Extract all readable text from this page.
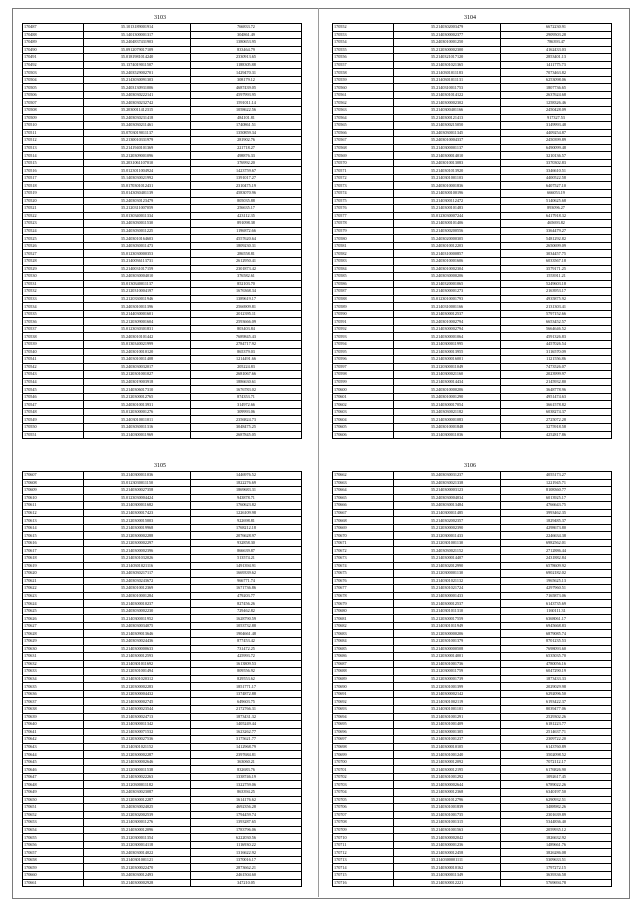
3103
170487	35.1013189001914	766833.72
170488	35.1401300001317	304861.49
170489	35.2404837431903	1380653.95
170490	35.0912079017109	833464.79
170491	35.0181981014240	2330913.65
170492	35.1374019011507	1188305.88
170503	35.2403529002701	1429470.31
170504	35.2143030091303	308179.12
170505	35.2403130931006	4687439.05
170506	35.2403030222141	4597993.95
170507	35.2403030232742	1591011.14
170508	35.2030011412315	1058622.56
170509	35.2403030231418	484101.81
170510	35.2403030211461	1740861.51
170511	35.0703019011137	1350859.34
170512	35.2130010331979	281902.76
170513	35.2141940101369	221718.27
170514	35.2120309001096	498876.33
170515	35.2031061107010	376992.20
170516	35.0123011004924	1423759.67
170517	35.1403030021992	1391017.27
170518	35.0170301012431	2310475.19
170519	35.0143030401139	4583070.96
170520	35.2403030123479	805035.88
170521	35.2120311007059	256635.17
170522	35.0130340011334	423112.35
170523	35.2403030011530	891098.38
170524	35.2403030011225	1196872.66
170525	35.2403010164603	4557620.64
170526	35.2403030011473	1809230.31
170527	35.0123030000353	286558.81
170528	35.2140036113731	2612950.41
170529	35.2140031017159	2301873.42
170530	35.2403030004010	376582.61
170531	35.0130340011137	852103.70
170532	35.2120310004197	1676368.34
170533	35.2120330011946	1389619.17
170534	35.2403010011396	2566909.81
170535	35.2144030001601	2012395.11
170536	35.2120309001604	2593666.09
170537	35.0123030301831	803403.84
170538	35.2403010101442	7689845.43
170539	35.0130340021999	2784717.92
170540	35.2403010010120	865379.03
170541	35.2403010011408	1214491.66
170542	35.2403030032017	205224.83
170543	35.2120301001027	2681067.66
170544	35.2403019003918	1886630.61
170545	35.2140306017310	1676783.02
170546	35.2120300012765	874353.71
170547	35.2403010013931	314972.66
170548	35.0120300001276	309993.06
170549	35.2403010011011	2356824.73
170550	35.2403030011316	3048475.25
170551	35.2140300011969	2687845.05
3104
170552	35.2140302003479	6672230.91
170553	35.2140300002377	2909503.28
170554	35.2403010001250	786393.47
170555	35.2120300002300	4162433.03
170556	35.2140321017120	2853401.13
170557	35.2140301021365	1411775.73
170558	35.2140301011183	7073463.82
170559	35.2140301011131	6253098.06
170560	35.2140310011753	1807736.65
170561	35.2140301014122	2637624.68
170562	35.2140300002302	1258326.46
170563	35.2140300401166	2450428.09
170564	35.2140300121413	917327.53
170565	35.2140300215050	3149993.48
170566	35.2403030011345	4409254.87
170567	35.2403010004337	2450399.89
170568	35.2140300001137	6490099.48
170569	35.2140300014010	3210136.57
170570	35.2403010013083	3370302.83
170571	35.2140301013920	3346610.51
170572	35.2140301001103	4400522.58
170573	35.2403010001836	6407527.10
170574	35.2140300100196	666053.19
170575	35.2140300112472	5140625.68
170576	35.2140300101483	893096.27
170577	35.0123030007244	6417918.32
170578	35.2140300101406	465693.82
170579	35.2140300200556	3364479.27
170580	35.2403020000305	5481292.82
170581	35.2403010012203	2650699.09
170582	35.2140310000857	3034457.75
170583	35.2403010001606	6033567.18
170584	35.2403010002304	3579171.25
170585	35.2403030000206	1553911.21
170586	35.2140320001065	5249603.18
170587	35.2140300001273	2163953.17
170588	35.0123010001793	4935875.92
170589	35.2140310001166	2131303.41
170590	35.2140300012537	5797152.66
170591	35.2403010002794	6653452.57
170592	35.2140300002794	5664646.52
170593	35.2140300001064	4591326.83
170594	35.2140300011995	4457026.54
170595	35.2140300013955	3116570.09
170596	35.2140300016001	1121556.86
170597	35.2120300011049	7473526.07
170598	35.2140300021160	2023999.97
170599	35.2140300014434	2145932.80
170600	35.2403010000206	3648778.96
170601	35.2403010001290	4951474.63
170602	35.2140300017054	3661578.82
170603	35.2403030021182	6038274.37
170604	35.2140300001083	2725072.28
170605	35.2403010001848	3275918.58
170606	35.2140300011036	4252817.86
3105
170607	35.2140300011036	1446976.52
170608	35.0123030011150	1822276.69
170609	35.2140300027358	1869683.31
170610	35.0123030004424	943878.71
170611	35.2140300011682	1760623.82
170612	35.2140300017423	1226109.98
170613	35.2120300015003	922698.81
170614	35.2140300019968	1768212.18
170615	35.2120300002288	2076628.97
170616	35.2120300002297	932858.30
170617	35.2140300002396	866639.87
170618	35.2140301032026	513574.21
170619	35.2140301021116	1491394.91
170620	35.2403030217117	1669339.62
170621	35.2403030243672	966771.74
170622	35.2403010012369	1671736.86
170623	35.2403010001284	479203.77
170624	35.2140300010237	827456.26
170625	35.2403030002230	729462.82
170626	35.2140300011952	1628790.59
170627	35.2403030034075	1053732.88
170628	35.2140309013646	1904661.48
170629	35.2403030024436	877453.42
170630	35.2140300000633	731472.25
170631	35.2140300012593	425993.72
170632	35.2140301011692	1613809.53
170633	35.2120301001494	809556.92
170634	35.2140301020312	829553.62
170635	35.2120300002283	1851771.17
170636	35.2120300004432	1374872.88
170637	35.2140300002745	649603.75
170638	35.2140300023544	2172766.31
170639	35.2140300024713	1873431.32
170640	35.2140300011342	1405249.44
170641	35.2140300071532	1623262.77
170642	35.2120300027536	3175621.77
170643	35.2140301021152	1412968.79
170644	35.2120300002287	2397684.81
170645	35.2140300002646	363060.21
170646	35.2120300011538	832683.76
170647	35.2140300022263	1338746.19
170648	35.2120300011182	1322759.06
170649	35.2403030023087	863394.25
170650	35.2120300012287	1614176.62
170651	35.2403030024025	4692356.28
170652	35.2120302002539	1794459.74
170653	35.2140300011276	1393287.65
170654	35.2140300012096	1783796.06
170655	35.2120300011354	6222030.56
170656	35.2120300014118	1116930.22
170657	35.2403030014022	1316622.92
170658	35.2140301001121	1370016.17
170659	35.2120300022470	2873662.21
170660	35.2403030012493	2461504.60
170661	35.2140300002928	347210.05
3106
170662	35.2403030031237	4055173.27
170663	35.2403030021338	1221945.71
170664	35.2140300003123	8108360.77
170665	35.2403030004034	6013925.17
170666	35.2403030013484	4766643.75
170667	35.2140300011485	3993462.35
170668	35.2140302002357	1829485.37
170669	35.2120300002390	4298673.80
170670	35.2120300011433	2246634.38
170671	35.2120301001130	6982562.01
170672	35.2403030021152	2712886.44
170673	35.2140300014407	2431882.84
170674	35.2140302012990	6578609.92
170675	35.2120300001130	6902182.02
170676	35.2140301021132	1965625.13
170677	35.2140301021724	4297960.51
170678	35.2140300001433	7165873.06
170679	35.2140300012537	6143735.69
170680	35.2140301011310	1160111.31
170681	35.2120300017559	6368061.17
170682	35.2140301011949	6945668.83
170683	35.2120300000206	6879085.74
170684	35.2120301001379	8701235.53
170685	35.2140300000508	7698093.60
170686	35.2120300014001	6535035.70
170687	35.2140301001736	4780056.16
170688	35.2120300011759	6047290.19
170689	35.2120300001739	1873433.33
170690	35.2120301001399	2029029.98
170691	35.2140300002142	6292096.50
170692	35.2140301002119	6193422.37
170693	35.2140301001101	8039477.06
170694	35.2140301001291	2529302.26
170695	35.2140301001409	6181223.77
170696	35.2140300001305	2514637.71
170697	35.2140301001237	2309722.20
170698	35.2140300010105	6143760.89
170699	35.2140301001240	3502098.52
170700	35.2140300012092	7072112.17
170701	35.2140300012195	6176826.90
170702	35.2140301001292	1092617.45
170703	35.2140300002644	6789022.26
170704	35.2140300012368	6340197.50
170705	35.2140301012796	6290932.51
170706	35.2140301001839	3488982.26
170707	35.2140301001735	2301639.89
170708	35.2140301001315	5344836.40
170709	35.2140301001563	2059935.12
170710	35.2140300002042	1826632.92
170711	35.2140300001236	1489661.76
170712	35.2140300012458	3826286.08
170713	35.2140300001111	5309633.51
170714	35.2140300010162	1797272.15
170715	35.2140300011349	3639336.58
170716	35.2140300012221	5769694.78
